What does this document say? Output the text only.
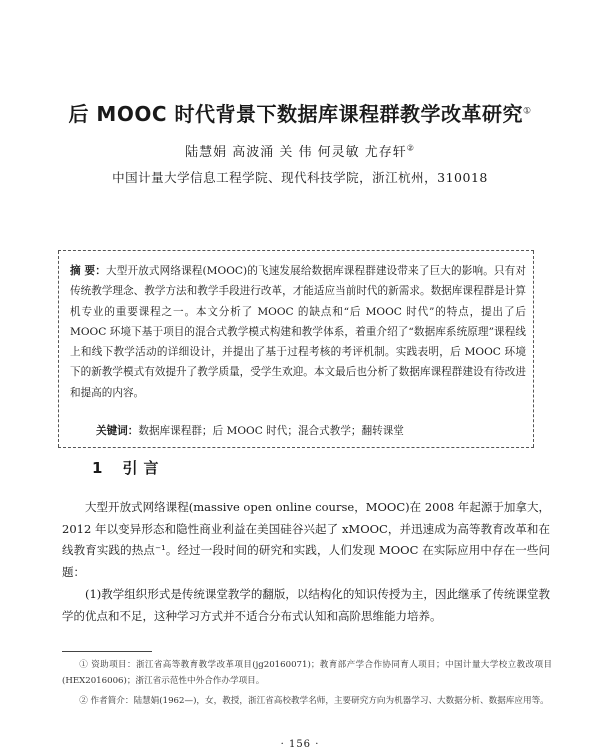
后 MOOC 时代背景下数据库课程群教学改革研究①
陆慧娟 高波涌 关 伟 何灵敏 尤存轩②
中国计量大学信息工程学院、现代科技学院，浙江杭州，310018
摘 要：大型开放式网络课程(MOOC)的飞速发展给数据库课程群建设带来了巨大的影响。只有对传统教学理念、教学方法和教学手段进行改革，才能适应当前时代的新需求。数据库课程群是计算机专业的重要课程之一。本文分析了 MOOC 的缺点和“后 MOOC 时代”的特点，提出了后 MOOC 环境下基于项目的混合式教学模式构建和教学体系，着重介绍了“数据库系统原理”课程线上和线下教学活动的详细设计，并提出了基于过程考核的考评机制。实践表明，后 MOOC 环境下的新教学模式有效提升了教学质量，受学生欢迎。本文最后也分析了数据库课程群建设有待改进和提高的内容。
关键词：数据库课程群；后 MOOC 时代；混合式教学；翻转课堂
1 引言
大型开放式网络课程(massive open online course，MOOC)在 2008 年起源于加拿大，2012 年以变异形态和隐性商业利益在美国硅谷兴起了 xMOOC，并迅速成为高等教育改革和在线教育实践的热点⁻¹。经过一段时间的研究和实践，人们发现 MOOC 在实际应用中存在一些问题：
(1)教学组织形式是传统课堂教学的翻版，以结构化的知识传授为主，因此继承了传统课堂教学的优点和不足，这种学习方式并不适合分布式认知和高阶思维能力培养。
① 资助项目：浙江省高等教育教学改革项目(jg20160071)；教育部产学合作协同育人项目；中国计量大学校立教改项目(HEX2016006)；浙江省示范性中外合作办学项目。
② 作者简介：陆慧娟(1962—)，女，教授，浙江省高校教学名师，主要研究方向为机器学习、大数据分析、数据库应用等。
· 156 ·
